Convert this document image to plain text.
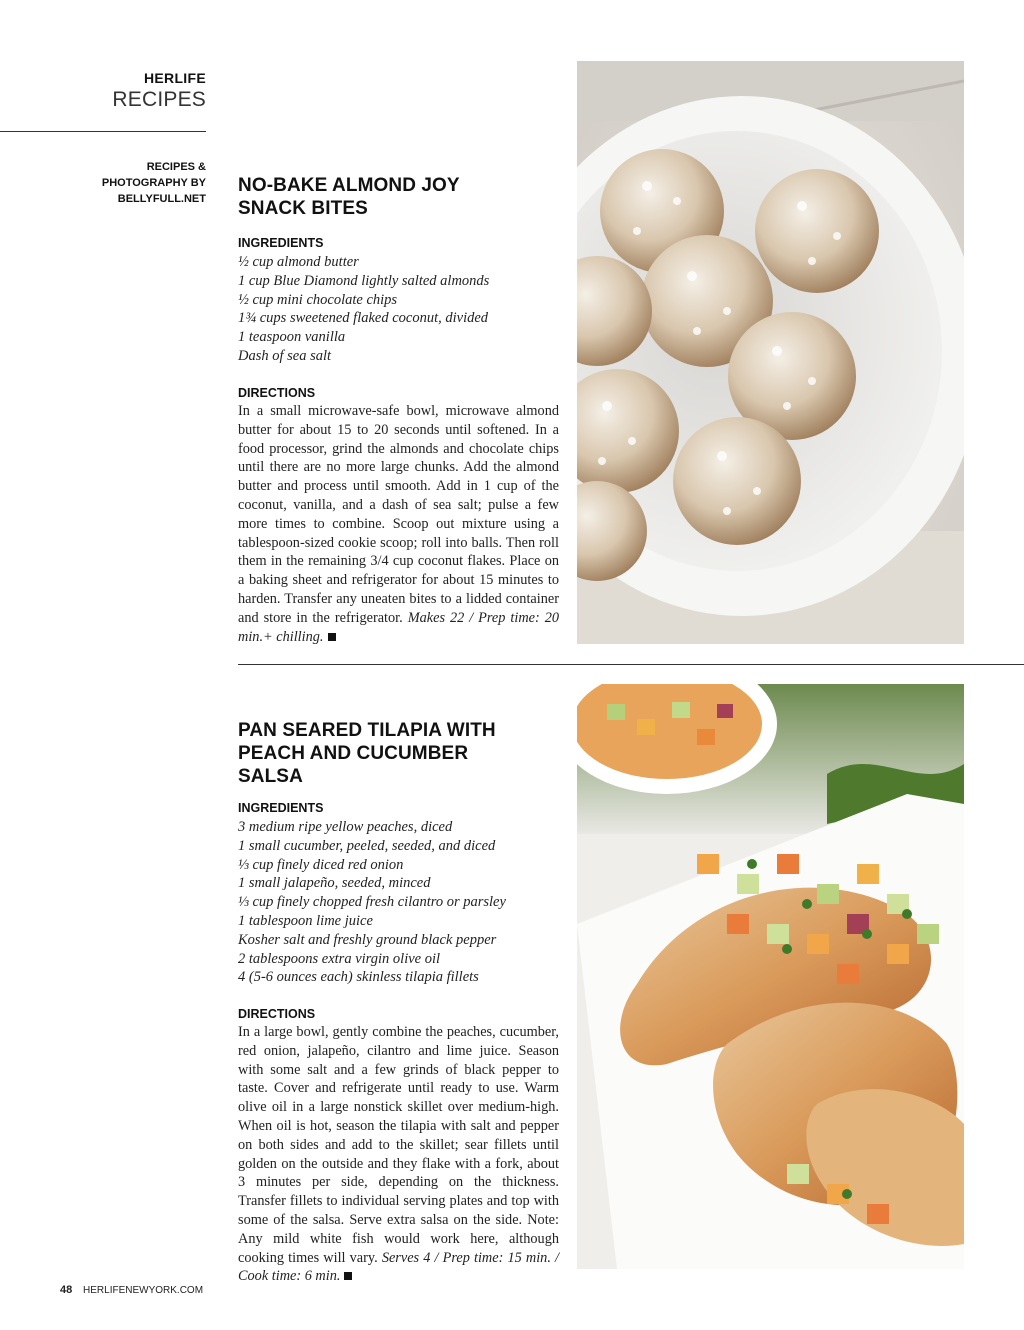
HERLIFE
RECIPES
RECIPES &
PHOTOGRAPHY BY
BELLYFULL.NET
NO-BAKE ALMOND JOY
SNACK BITES
INGREDIENTS
½ cup almond butter
1 cup Blue Diamond lightly salted almonds
½ cup mini chocolate chips
1¾ cups sweetened flaked coconut, divided
1 teaspoon vanilla
Dash of sea salt
DIRECTIONS
In a small microwave-safe bowl, microwave almond butter for about 15 to 20 seconds until softened. In a food processor, grind the almonds and chocolate chips until there are no more large chunks. Add the almond butter and process until smooth. Add in 1 cup of the coconut, vanilla, and a dash of sea salt; pulse a few more times to combine. Scoop out mixture using a tablespoon-sized cookie scoop; roll into balls. Then roll them in the remaining 3/4 cup coconut flakes. Place on a baking sheet and refrigerator for about 15 minutes to harden. Transfer any uneaten bites to a lidded container and store in the refrigerator. Makes 22 / Prep time: 20 min.+ chilling.
PAN SEARED TILAPIA WITH
PEACH AND CUCUMBER
SALSA
INGREDIENTS
3 medium ripe yellow peaches, diced
1 small cucumber, peeled, seeded, and diced
⅓ cup finely diced red onion
1 small jalapeño, seeded, minced
⅓ cup finely chopped fresh cilantro or parsley
1 tablespoon lime juice
Kosher salt and freshly ground black pepper
2 tablespoons extra virgin olive oil
4 (5-6 ounces each) skinless tilapia fillets
DIRECTIONS
In a large bowl, gently combine the peaches, cucumber, red onion, jalapeño, cilantro and lime juice. Season with some salt and a few grinds of black pepper to taste. Cover and refrigerate until ready to use. Warm olive oil in a large nonstick skillet over medium-high. When oil is hot, season the tilapia with salt and pepper on both sides and add to the skillet; sear fillets until golden on the outside and they flake with a fork, about 3 minutes per side, depending on the thickness. Transfer fillets to individual serving plates and top with some of the salsa. Serve extra salsa on the side. Note: Any mild white fish would work here, although cooking times will vary. Serves 4 / Prep time: 15 min. / Cook time: 6 min.
48 HERLIFENEWYORK.COM
